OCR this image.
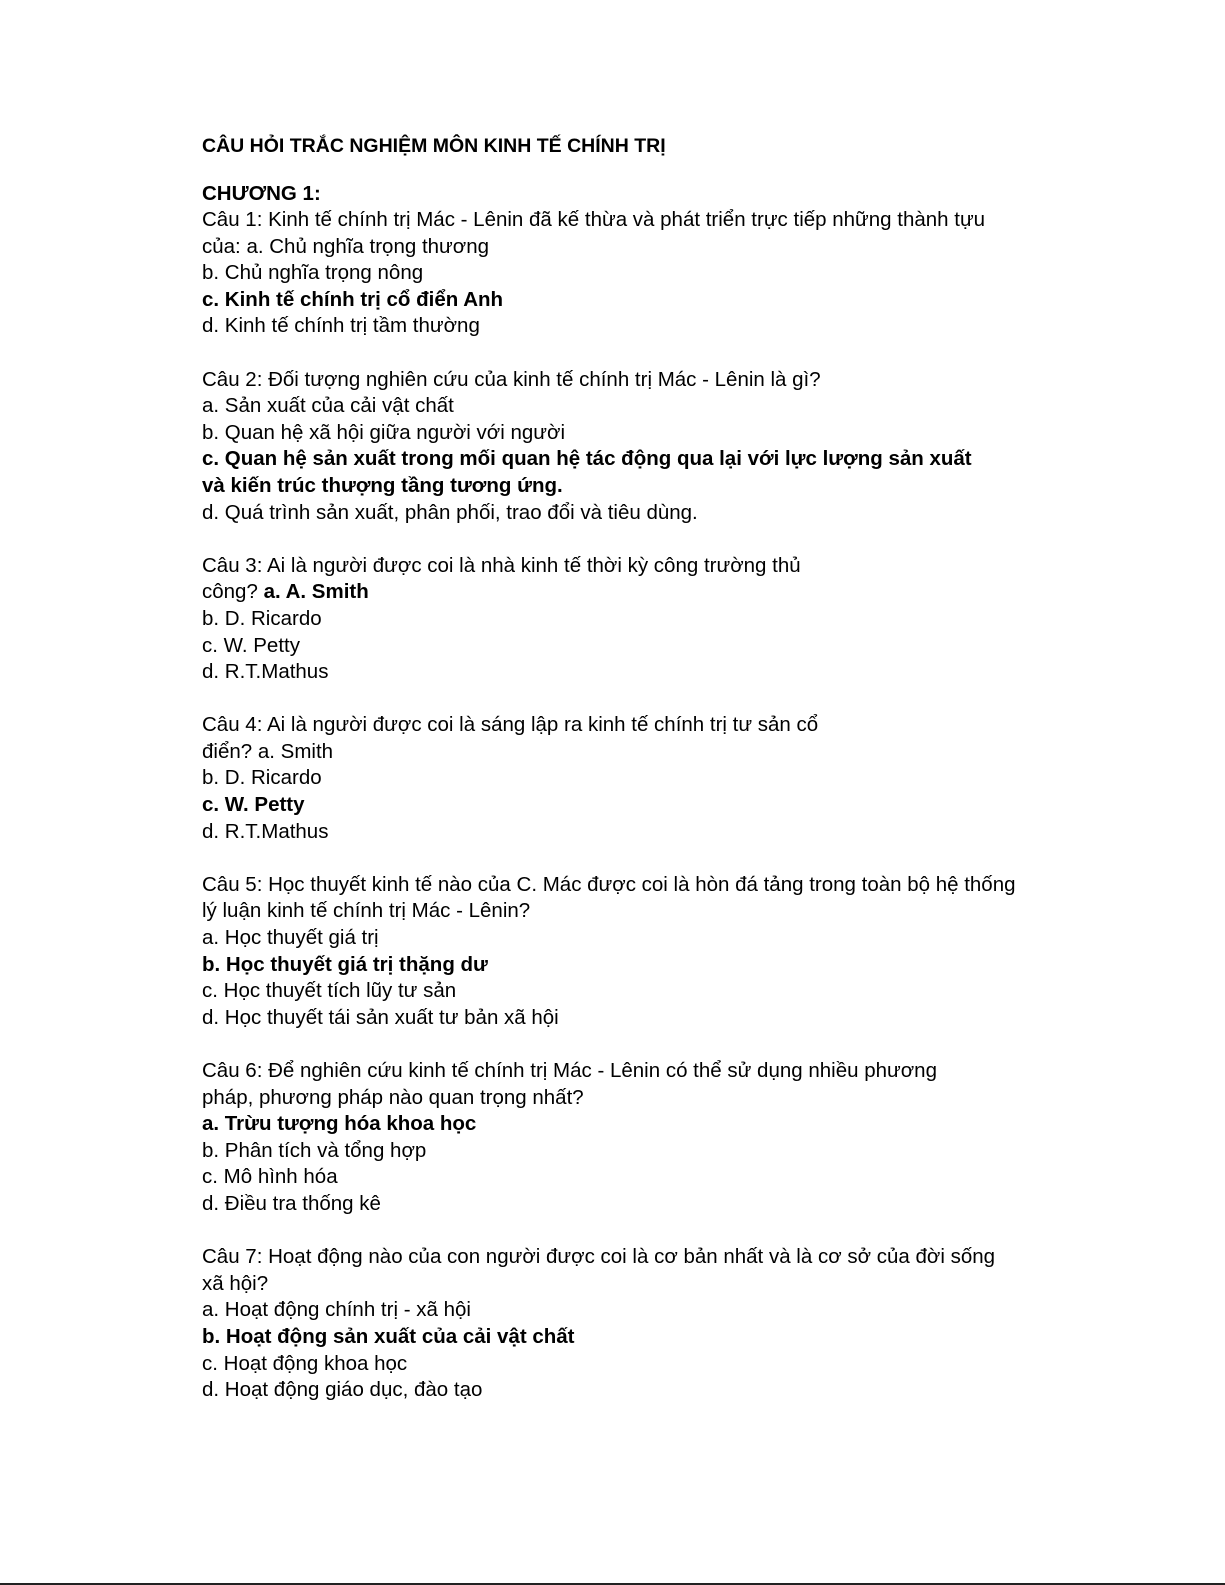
CÂU HỎI TRẮC NGHIỆM MÔN KINH TẾ CHÍNH TRỊ
CHƯƠNG 1:
Câu 1: Kinh tế chính trị Mác - Lênin đã kế thừa và phát triển trực tiếp những thành tựu
của: a. Chủ nghĩa trọng thương
b. Chủ nghĩa trọng nông
c. Kinh tế chính trị cổ điển Anh
d. Kinh tế chính trị tầm thường
Câu 2: Đối tượng nghiên cứu của kinh tế chính trị Mác - Lênin là gì?
a. Sản xuất của cải vật chất
b. Quan hệ xã hội giữa người với người
c. Quan hệ sản xuất trong mối quan hệ tác động qua lại với lực lượng sản xuất
và kiến trúc thượng tầng tương ứng.
d. Quá trình sản xuất, phân phối, trao đổi và tiêu dùng.
Câu 3: Ai là người được coi là nhà kinh tế thời kỳ công trường thủ
công? a. A. Smith
b. D. Ricardo
c. W. Petty
d. R.T.Mathus
Câu 4: Ai là người được coi là sáng lập ra kinh tế chính trị tư sản cổ
điển? a. Smith
b. D. Ricardo
c. W. Petty
d. R.T.Mathus
Câu 5: Học thuyết kinh tế nào của C. Mác được coi là hòn đá tảng trong toàn bộ hệ thống
lý luận kinh tế chính trị Mác - Lênin?
a. Học thuyết giá trị
b. Học thuyết giá trị thặng dư
c. Học thuyết tích lũy tư sản
d. Học thuyết tái sản xuất tư bản xã hội
Câu 6: Để nghiên cứu kinh tế chính trị Mác - Lênin có thể sử dụng nhiều phương
pháp, phương pháp nào quan trọng nhất?
a. Trừu tượng hóa khoa học
b. Phân tích và tổng hợp
c. Mô hình hóa
d. Điều tra thống kê
Câu 7: Hoạt động nào của con người được coi là cơ bản nhất và là cơ sở của đời sống
xã hội?
a. Hoạt động chính trị - xã hội
b. Hoạt động sản xuất của cải vật chất
c. Hoạt động khoa học
d. Hoạt động giáo dục, đào tạo
